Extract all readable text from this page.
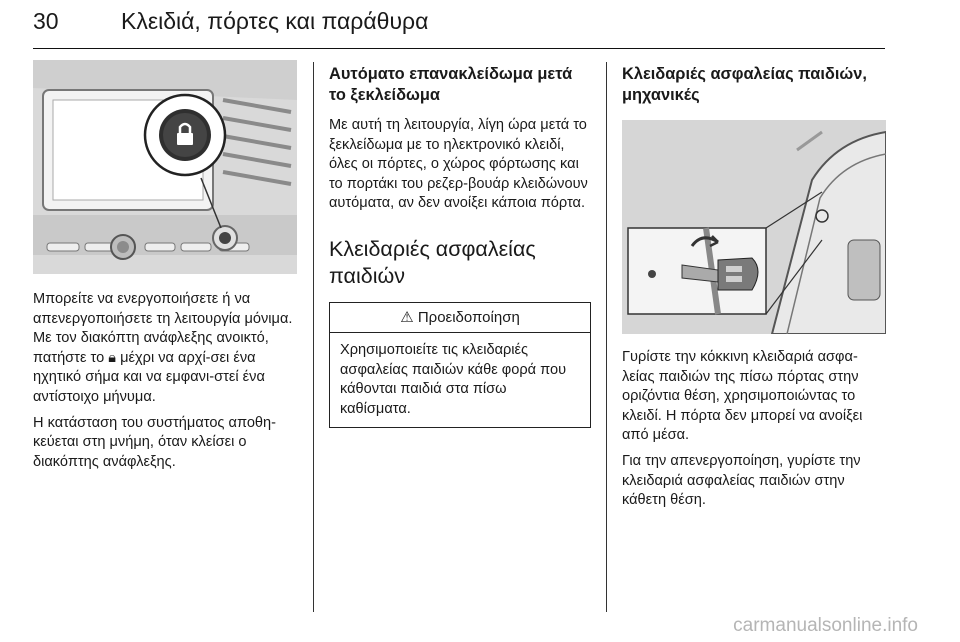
30	Κλειδιά, πόρτες και παράθυρα

Μπορείτε να ενεργοποιήσετε ή να απενεργοποιήσετε τη λειτουργία μόνιμα. Με τον διακόπτη ανάφλεξης ανοικτό, πατήστε το 🔒︎ μέχρι να αρχί-σει ένα ηχητικό σήμα και να εμφανι-στεί ένα αντίστοιχο μήνυμα.

Η κατάσταση του συστήματος αποθη-κεύεται στη μνήμη, όταν κλείσει ο διακόπτης ανάφλεξης.

Αυτόματο επανακλείδωμα μετά το ξεκλείδωμα

Με αυτή τη λειτουργία, λίγη ώρα μετά το ξεκλείδωμα με το ηλεκτρονικό κλειδί, όλες οι πόρτες, ο χώρος φόρτωσης και το πορτάκι του ρεζερ-βουάρ κλειδώνουν αυτόματα, αν δεν ανοίξει κάποια πόρτα.

Κλειδαριές ασφαλείας παιδιών
⚠ Προειδοποίηση
Χρησιμοποιείτε τις κλειδαριές ασφαλείας παιδιών κάθε φορά που κάθονται παιδιά στα πίσω καθίσματα.
Κλειδαριές ασφαλείας παιδιών, μηχανικές

Γυρίστε την κόκκινη κλειδαριά ασφα-λείας παιδιών της πίσω πόρτας στην οριζόντια θέση, χρησιμοποιώντας το κλειδί. Η πόρτα δεν μπορεί να ανοίξει από μέσα.

Για την απενεργοποίηση, γυρίστε την κλειδαριά ασφαλείας παιδιών στην κάθετη θέση.

carmanualsonline.info
